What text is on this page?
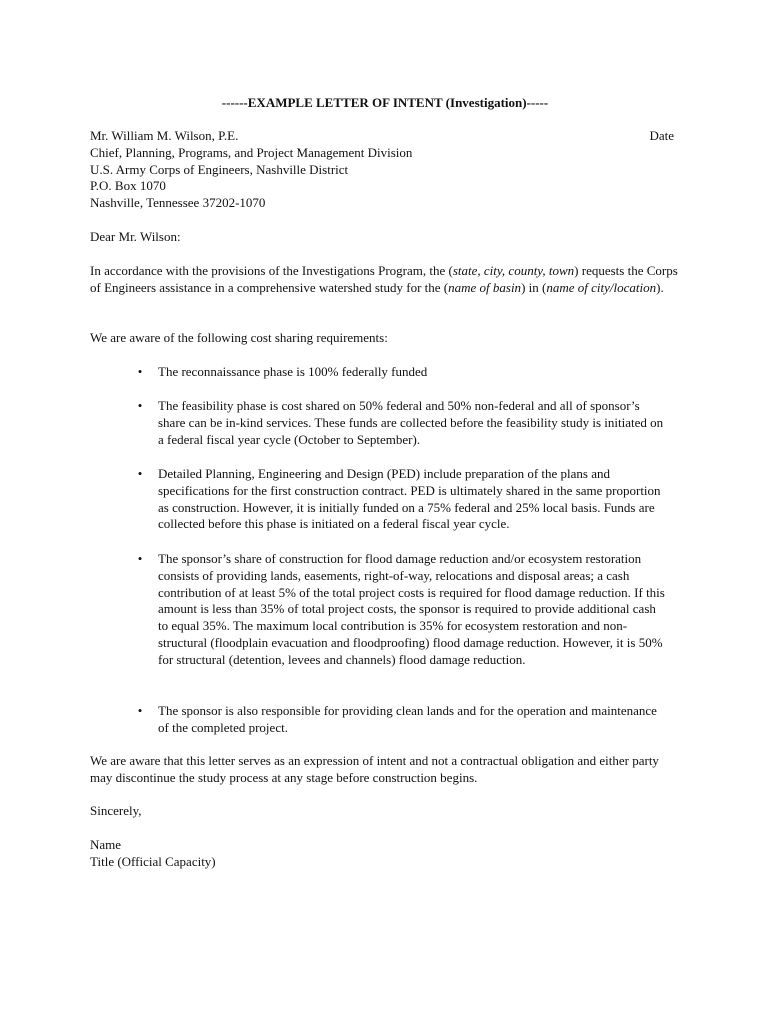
------EXAMPLE LETTER OF INTENT (Investigation)-----
Date
Mr. William M. Wilson, P.E.
Chief, Planning, Programs, and Project Management Division
U.S. Army Corps of Engineers, Nashville District
P.O. Box 1070
Nashville, Tennessee 37202-1070
Dear Mr. Wilson:
In accordance with the provisions of the Investigations Program, the (state, city, county, town) requests the Corps of Engineers assistance in a comprehensive watershed study for the (name of basin) in (name of city/location).
We are aware of the following cost sharing requirements:
• The reconnaissance phase is 100% federally funded
• The feasibility phase is cost shared on 50% federal and 50% non-federal and all of sponsor’s share can be in-kind services. These funds are collected before the feasibility study is initiated on a federal fiscal year cycle (October to September).
• Detailed Planning, Engineering and Design (PED) include preparation of the plans and specifications for the first construction contract. PED is ultimately shared in the same proportion as construction. However, it is initially funded on a 75% federal and 25% local basis. Funds are collected before this phase is initiated on a federal fiscal year cycle.
• The sponsor’s share of construction for flood damage reduction and/or ecosystem restoration consists of providing lands, easements, right-of-way, relocations and disposal areas; a cash contribution of at least 5% of the total project costs is required for flood damage reduction. If this amount is less than 35% of total project costs, the sponsor is required to provide additional cash to equal 35%. The maximum local contribution is 35% for ecosystem restoration and non-structural (floodplain evacuation and floodproofing) flood damage reduction. However, it is 50% for structural (detention, levees and channels) flood damage reduction.
• The sponsor is also responsible for providing clean lands and for the operation and maintenance of the completed project.
We are aware that this letter serves as an expression of intent and not a contractual obligation and either party may discontinue the study process at any stage before construction begins.
Sincerely,
Name
Title (Official Capacity)
